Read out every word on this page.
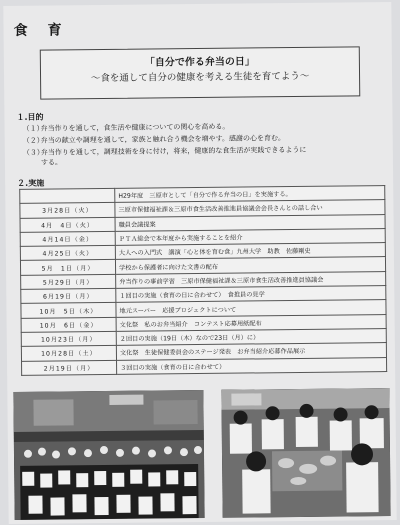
食　育
「自分で作る弁当の日」
～食を通して自分の健康を考える生徒を育てよう～
１.目的
（１）弁当作りを通して，食生活や健康についての関心を高める。
（２）弁当の献立や調理を通して，家族と触れ合う機会を増やす。感謝の心を育む。
（３）弁当作りを通して，調理技術を身に付け，将来，健康的な食生活が実践できるように
する。
２.実施
	H29年度　三原市として「自分で作る弁当の日」を実施する。
3月28日（火）	三原市保健福祉課＆三原市食生活改善推進員協議会会長さんとの話し合い
4月　4日（火）	職員会議提案
4月14日（金）	ＰＴＡ総会で本年度から実施することを紹介
4月25日（火）	大人への入門式　講演「心と体を育む食」九州大学　助教　佐藤剛史
5月　1日（月）	学校から保護者に向けた文書の配布
5月29日（月）	弁当作りの事前学習　三原市保健福祉課＆三原市食生活改善推進員協議会
6月19日（月）	１回目の実施（食育の日に合わせて）　食推員の見学
10月　5日（木）	地元スーパー　応援プロジェクトについて
10月　6日（金）	文化祭　私のお弁当紹介　コンテスト応募用紙配布
10月23日（月）	２回目の実施（19日（木）なので23日（月）に）
10月28日（土）	文化祭　生徒保健委員会のステージ発表　お弁当紹介応募作品展示
2月19日（月）	３回目の実施（食育の日に合わせて）
